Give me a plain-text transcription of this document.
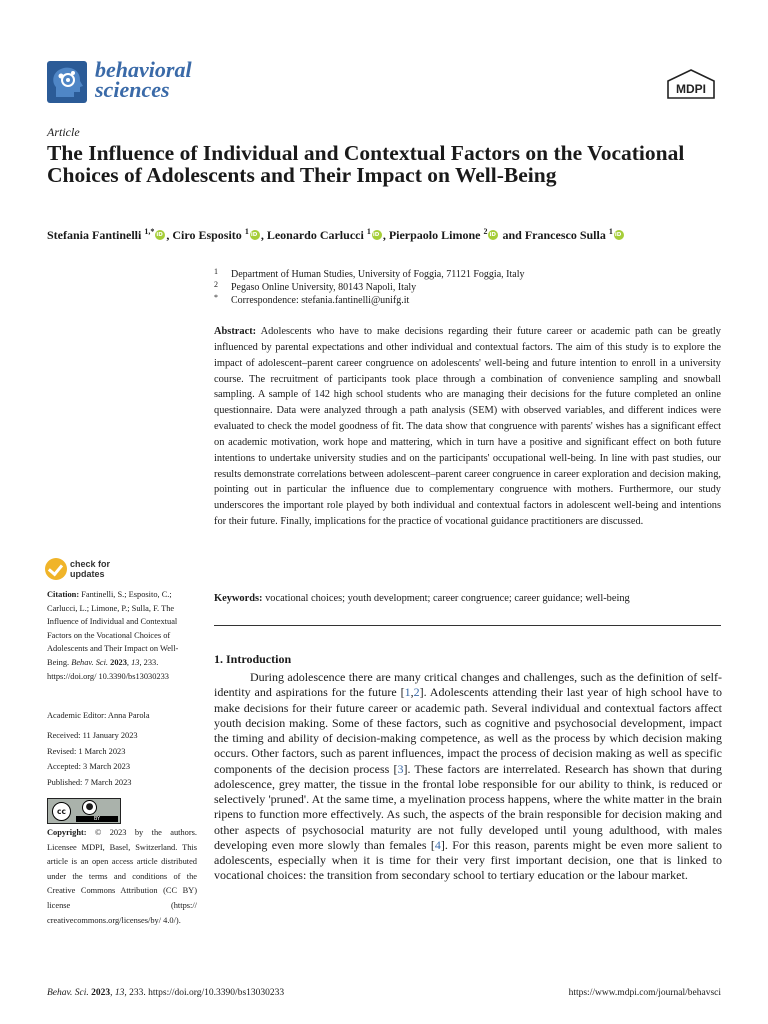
behavioral
sciences	MDPI
Article
The Influence of Individual and Contextual Factors on the Vocational Choices of Adolescents and Their Impact on Well-Being
Stefania Fantinelli $^{1,*}$ iD , Ciro Esposito $^1$ iD , Leonardo Carlucci $^1$ iD , Pierpaolo Limone $^2$iD and Francesco Sulla $^1$iD
1 Department of Human Studies, University of Foggia, 71121 Foggia, Italy
2 Pegaso Online University, 80143 Napoli, Italy
* Correspondence: stefania.fantinelli@unifg.it
Abstract: Adolescents who have to make decisions regarding their future career or academic path can be greatly influenced by parental expectations and other individual and contextual factors. The aim of this study is to explore the impact of adolescent–parent career congruence on adolescents' well-being and future intention to enroll in a university course. The recruitment of participants took place through a combination of convenience sampling and snowball sampling. A sample of 142 high school students who are managing their decisions for the future completed an online questionnaire. Data were analyzed through a path analysis (SEM) with observed variables, and different indices were evaluated to check the model goodness of fit. The data show that congruence with parents' wishes has a significant effect on academic motivation, work hope and mattering, which in turn have a positive and significant effect on both future intentions to undertake university studies and on the participants' occupational well-being. In line with past studies, our results demonstrate correlations between adolescent–parent career congruence in career exploration and decision making, pointing out in particular the influence due to complementary congruence with mothers. Furthermore, our study underscores the important role played by both individual and contextual factors in adolescent well-being and intentions for their future. Finally, implications for the practice of vocational guidance practitioners are discussed.
Keywords: vocational choices; youth development; career congruence; career guidance; well-being
1. Introduction
During adolescence there are many critical changes and challenges, such as the definition of self-identity and aspirations for the future [1,2]. Adolescents attending their last year of high school have to make decisions for their future career or academic path. Several individual and contextual factors affect youth decision making. Some of these factors, such as cognitive and psychosocial development, impact the timing and ability of decision-making competence, as well as the process by which decision making occurs. Other factors, such as parent influences, impact the process of decision making as well as specific components of the decision process [3]. These factors are interrelated. Research has shown that during adolescence, grey matter, the tissue in the frontal lobe responsible for our ability to think, is reduced or selectively 'pruned'. At the same time, a myelination process happens, where the white matter in the brain ripens to function more effectively. As such, the aspects of the brain responsible for decision making and other aspects of psychosocial maturity are not fully developed until young adulthood, with males developing even more slowly than females [4]. For this reason, parents might be even more salient to adolescents, especially when it is time for their very first important decision, one that is linked to vocational choices: the transition from secondary school to tertiary education or the labour market.
check for
updates
Citation: Fantinelli, S.; Esposito, C.; Carlucci, L.; Limone, P.; Sulla, F. The Influence of Individual and Contextual Factors on the Vocational Choices of Adolescents and Their Impact on Well-Being. Behav. Sci. 2023, 13, 233. https://doi.org/ 10.3390/bs13030233
Academic Editor: Anna Parola
Received: 11 January 2023
Revised: 1 March 2023
Accepted: 3 March 2023
Published: 7 March 2023
cc	●
BY
Copyright: © 2023 by the authors. Licensee MDPI, Basel, Switzerland. This article is an open access article distributed under the terms and conditions of the Creative Commons Attribution (CC BY) license (https:// creativecommons.org/licenses/by/ 4.0/).
Behav. Sci. 2023, 13, 233. https://doi.org/10.3390/bs13030233	https://www.mdpi.com/journal/behavsci
